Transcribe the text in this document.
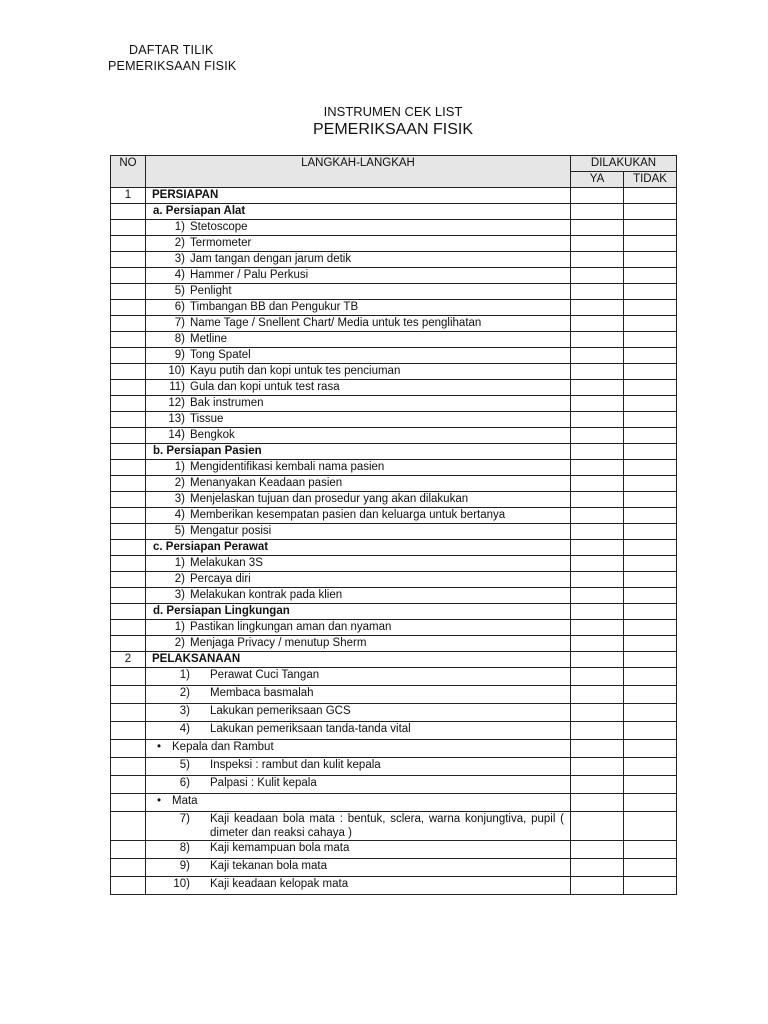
DAFTAR TILIK
PEMERIKSAAN FISIK
INSTRUMEN CEK LIST
PEMERIKSAAN FISIK
NO	LANGKAH-LANGKAH	DILAKUKAN	
		YA	TIDAK
1	PERSIAPAN		

	a. Persiapan Alat		

	1) Stetoscope		

	2) Termometer		

	3) Jam tangan dengan jarum detik		

	4) Hammer / Palu Perkusi		

	5) Penlight		

	6) Timbangan BB dan Pengukur TB		

	7) Name Tage / Snellent Chart/ Media untuk tes penglihatan		

	8) Metline		

	9) Tong Spatel		

	10) Kayu putih dan kopi untuk tes penciuman		

	11) Gula dan kopi untuk test rasa		

	12) Bak instrumen		

	13) Tissue		

	14) Bengkok		

	b. Persiapan Pasien		

	1) Mengidentifikasi kembali nama pasien		

	2) Menanyakan Keadaan pasien		

	3) Menjelaskan tujuan dan prosedur yang akan dilakukan		

	4) Memberikan kesempatan pasien dan keluarga untuk bertanya		

	5) Mengatur posisi		

	c. Persiapan Perawat		

	1) Melakukan 3S		

	2) Percaya diri		

	3) Melakukan kontrak pada klien		

	d. Persiapan Lingkungan		

	1) Pastikan lingkungan aman dan nyaman		

	2) Menjaga Privacy / menutup Sherm		

2	PELAKSANAAN		

	1) Perawat Cuci Tangan		

	2) Membaca basmalah		

	3) Lakukan pemeriksaan GCS		

	4) Lakukan pemeriksaan tanda-tanda vital		

	• Kepala dan Rambut		

	5) Inspeksi : rambut dan kulit kepala		

	6) Palpasi : Kulit kepala		

	• Mata		

	7) Kaji keadaan bola mata : bentuk, sclera, warna konjungtiva, pupil ( dimeter dan reaksi cahaya )		

	8) Kaji kemampuan bola mata		

	9) Kaji tekanan bola mata		

	10) Kaji keadaan kelopak mata		
